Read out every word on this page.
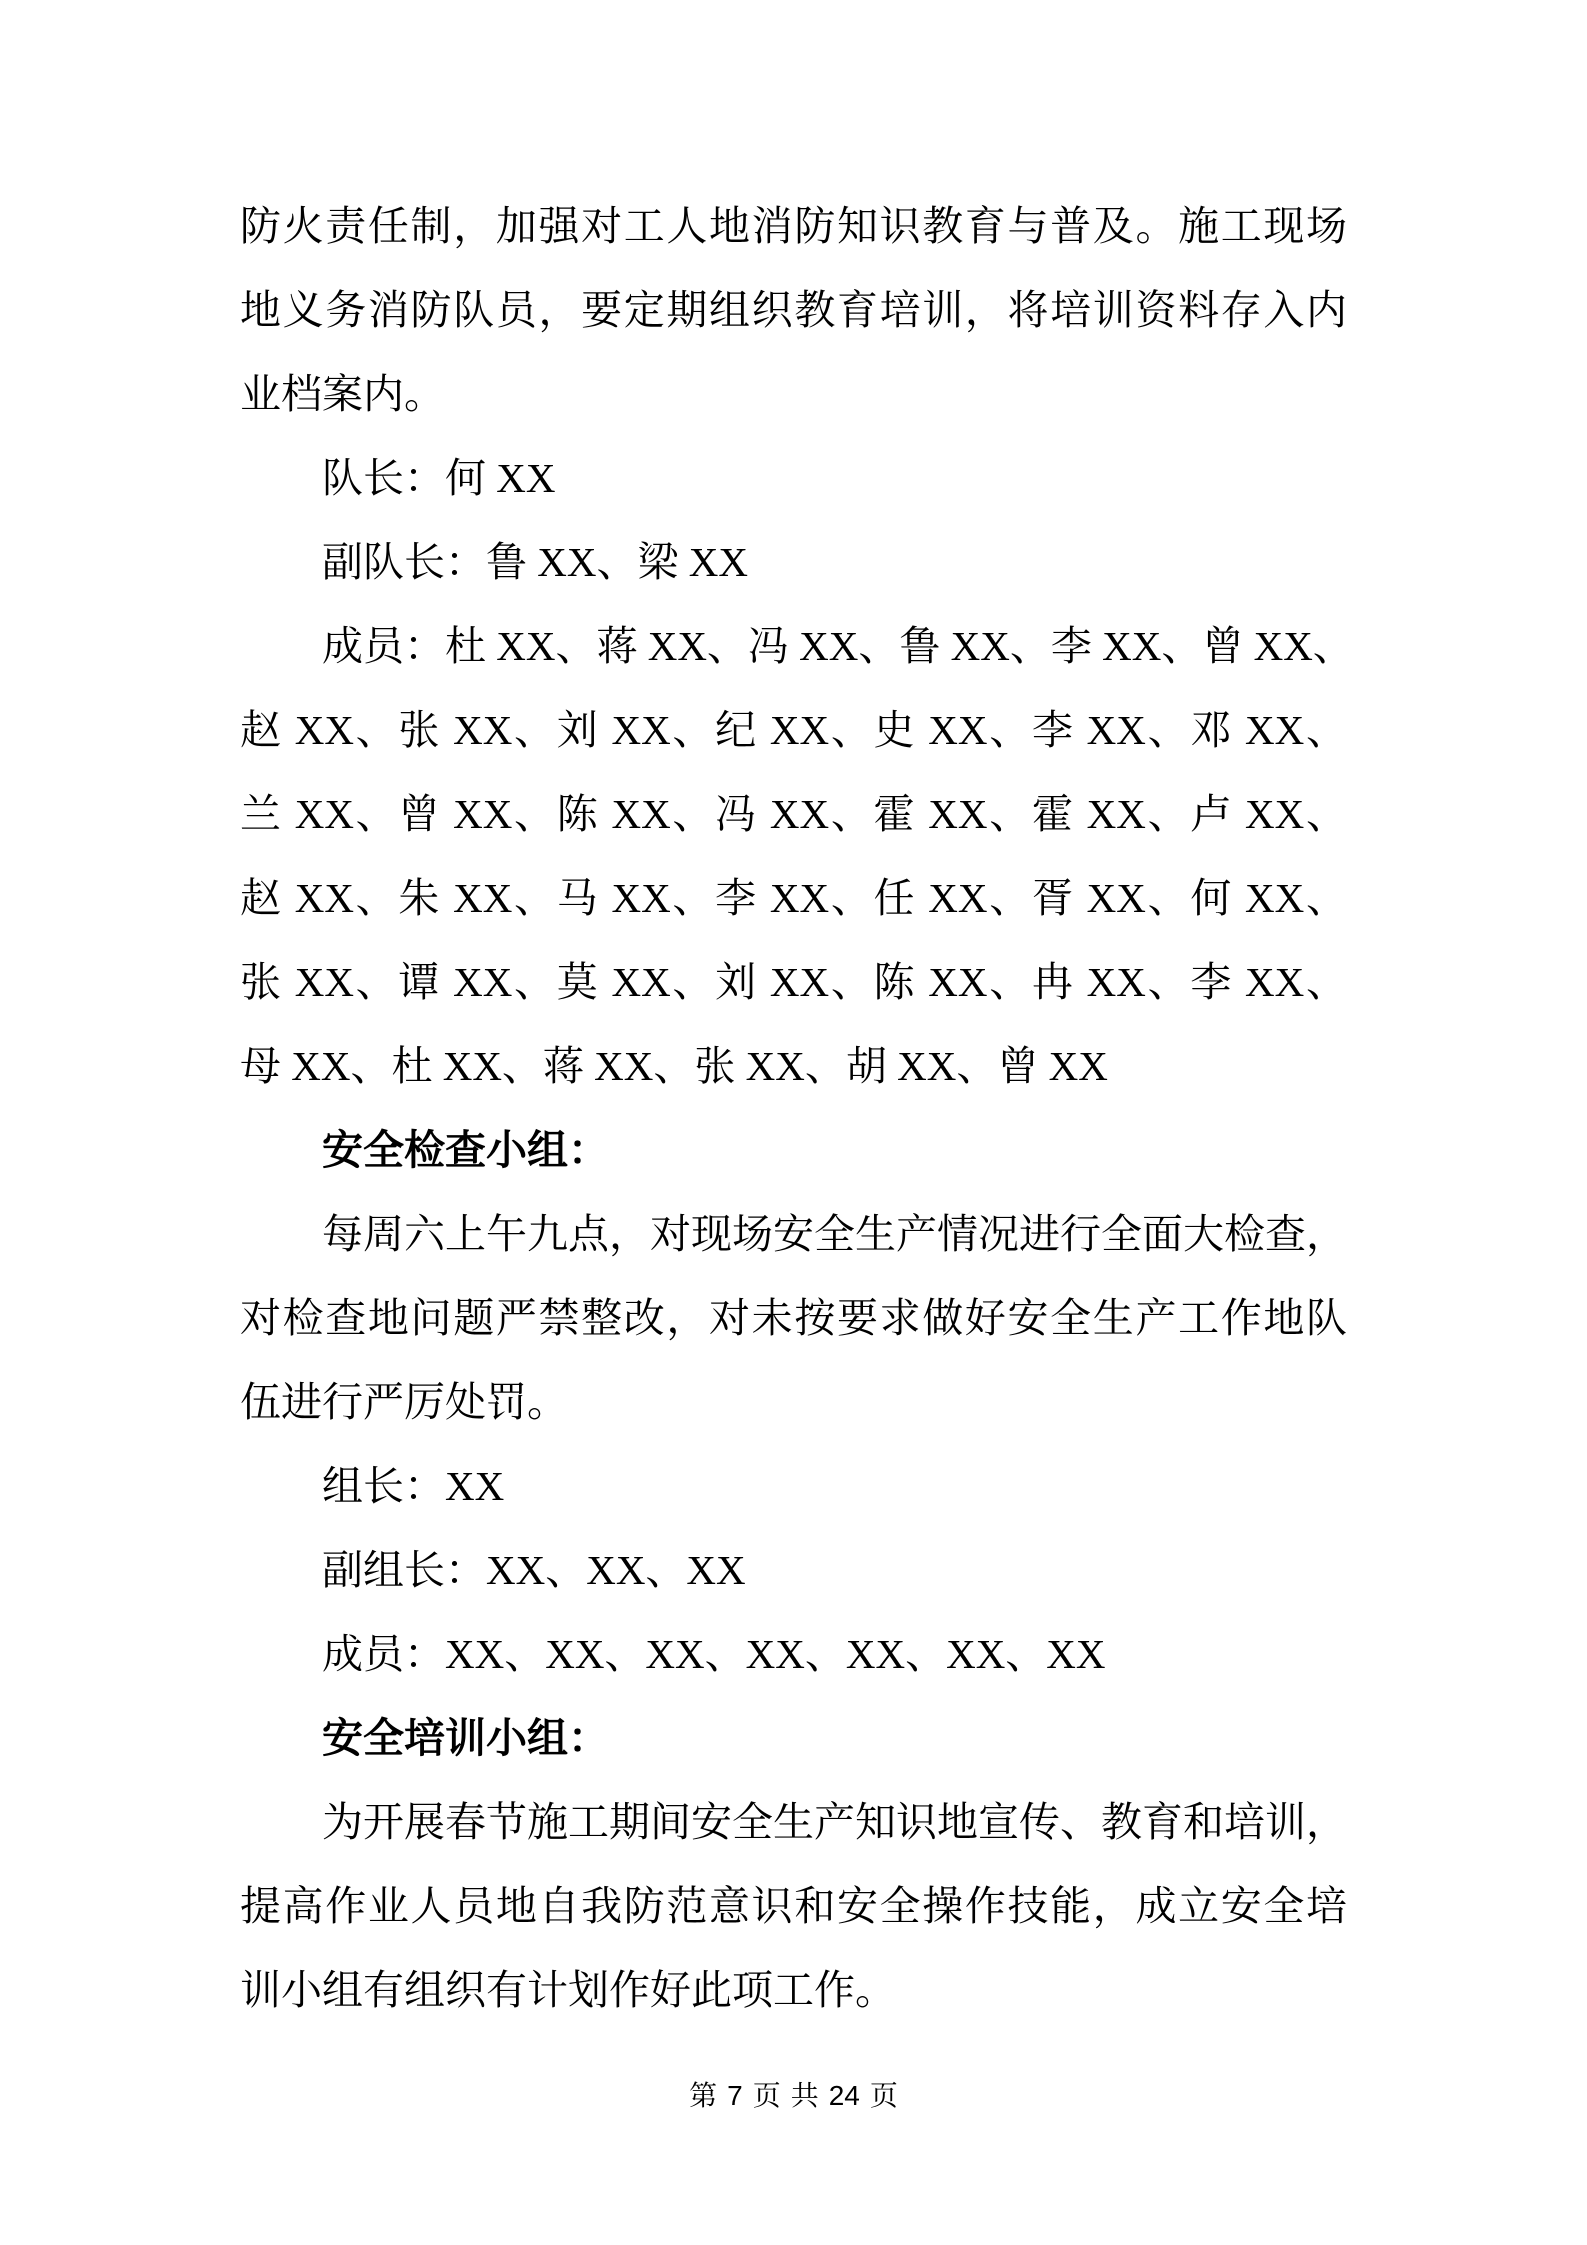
防火责任制，加强对工人地消防知识教育与普及。施工现场
地义务消防队员，要定期组织教育培训，将培训资料存入内
业档案内。
队长：何 XX
副队长：鲁 XX、梁 XX
成员：杜 XX、蒋 XX、冯 XX、鲁 XX、李 XX、曾 XX、
赵 XX、张 XX、刘 XX、纪 XX、史 XX、李 XX、邓 XX、
兰 XX、曾 XX、陈 XX、冯 XX、霍 XX、霍 XX、卢 XX、
赵 XX、朱 XX、马 XX、李 XX、任 XX、胥 XX、何 XX、
张 XX、谭 XX、莫 XX、刘 XX、陈 XX、冉 XX、李 XX、
母 XX、杜 XX、蒋 XX、张 XX、胡 XX、曾 XX
安全检查小组：
每周六上午九点，对现场安全生产情况进行全面大检查，
对检查地问题严禁整改，对未按要求做好安全生产工作地队
伍进行严厉处罚。
组长：XX
副组长：XX、XX、XX
成员：XX、XX、XX、XX、XX、XX、XX
安全培训小组：
为开展春节施工期间安全生产知识地宣传、教育和培训，
提高作业人员地自我防范意识和安全操作技能，成立安全培
训小组有组织有计划作好此项工作。
第 7 页 共 24 页
